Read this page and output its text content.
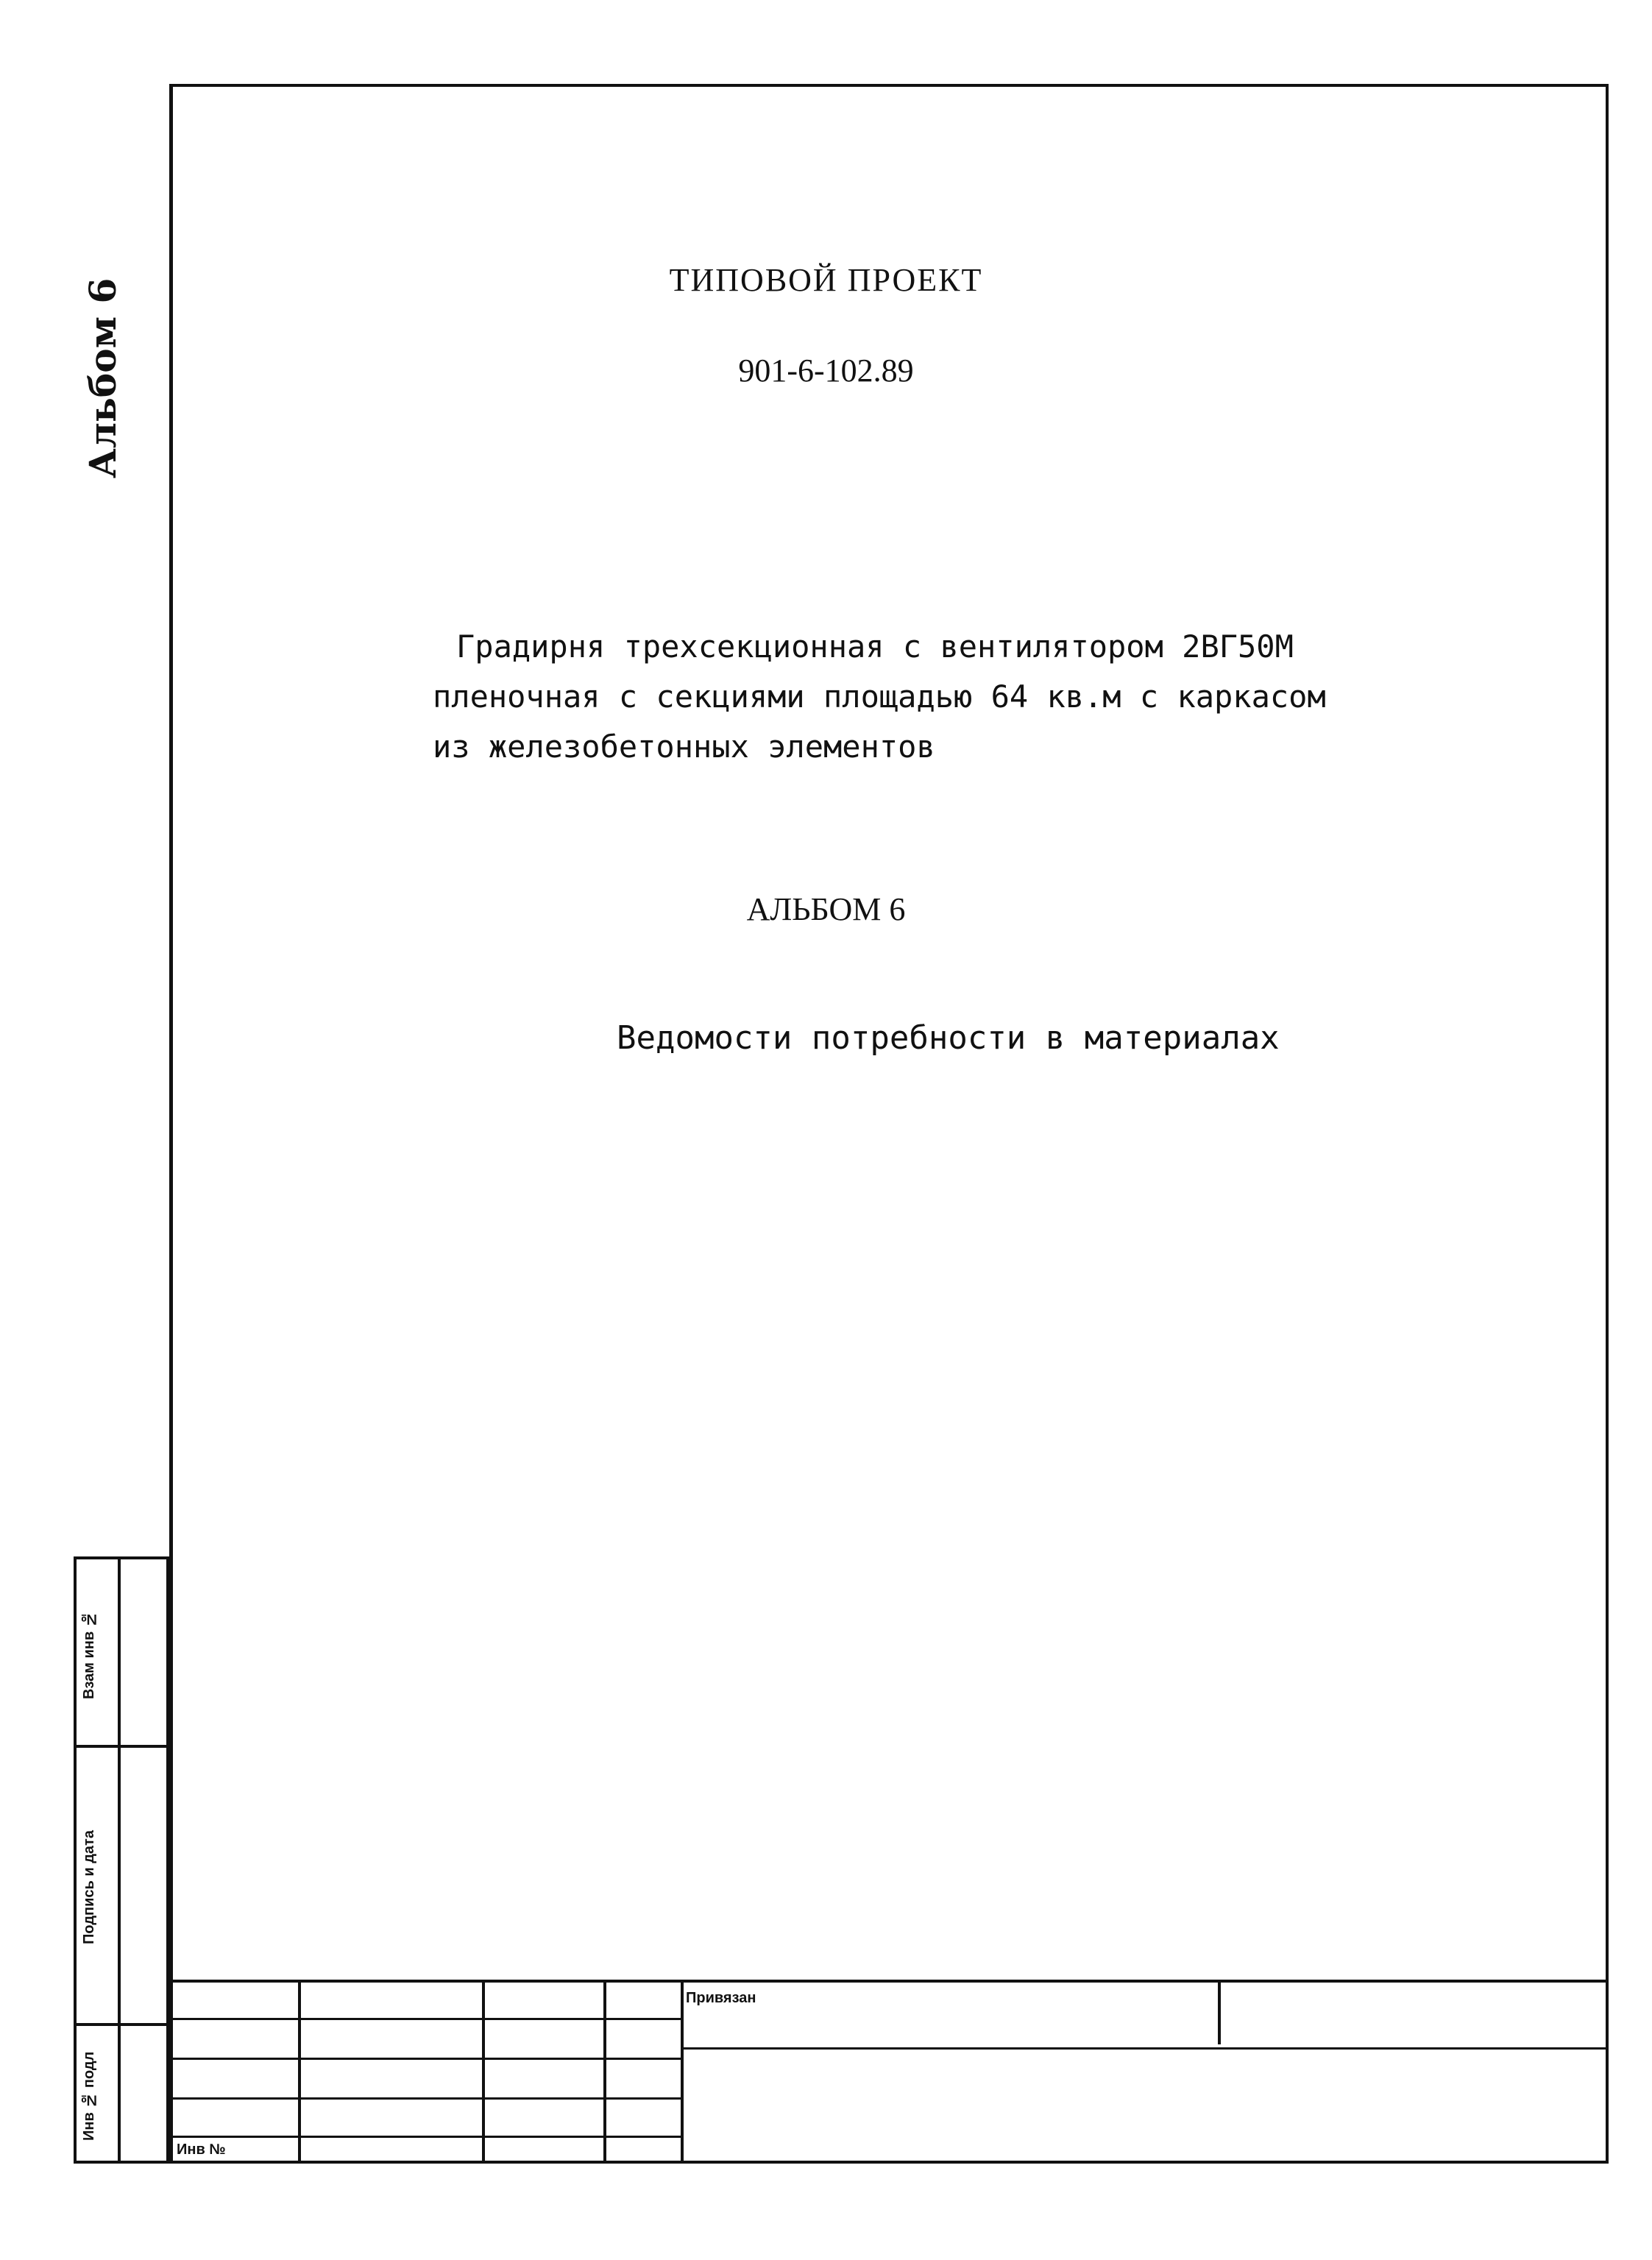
Альбом 6	ТИПОВОЙ ПРОЕКТ
901-6-102.89
Градирня трехсекционная с вентилятором 2ВГ50М
пленочная с секциями площадью 64 кв.м с каркасом
из железобетонных элементов
АЛЬБОМ 6
Ведомости потребности в материалах
Взам инв №
Подпись и дата
Инв № подл
Привязан
Инв №
